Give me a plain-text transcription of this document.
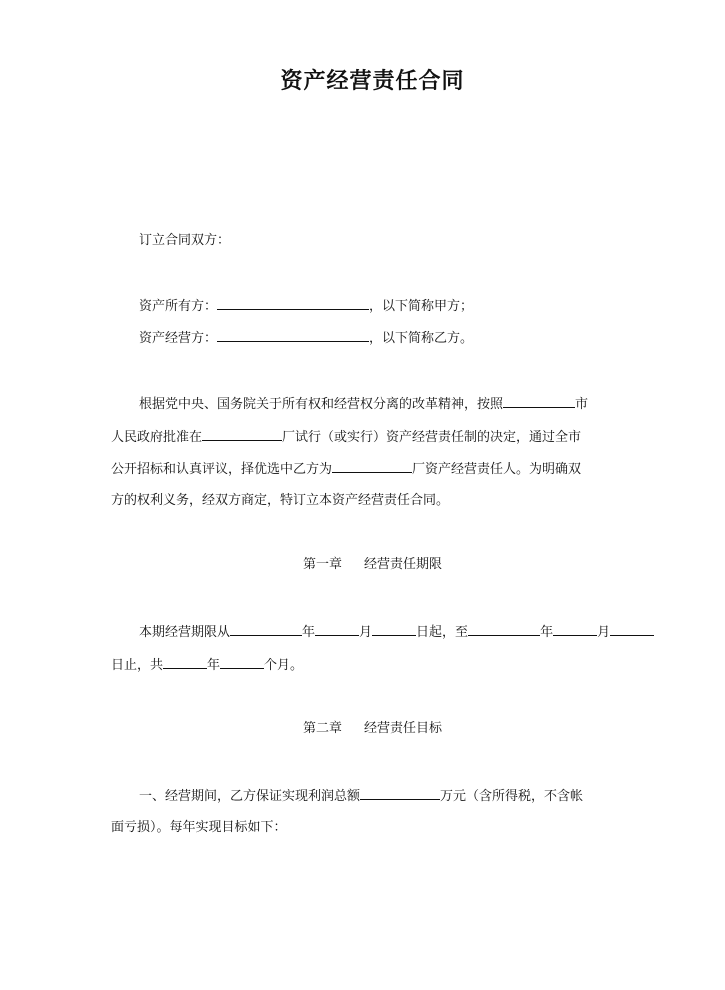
资产经营责任合同
订立合同双方：
资产所有方：	，以下简称甲方；
资产经营方：	，以下简称乙方。
根据党中央、国务院关于所有权和经营权分离的改革精神，按照	市
人民政府批准在	厂试行（或实行）资产经营责任制的决定，通过全市
公开招标和认真评议，择优选中乙方为	厂资产经营责任人。为明确双
方的权利义务，经双方商定，特订立本资产经营责任合同。
第一章 经营责任期限
本期经营期限从	年	月	日起，至	年	月
日止，共	年	个月。
第二章 经营责任目标
一、经营期间，乙方保证实现利润总额	万元（含所得税，不含帐
面亏损）。每年实现目标如下：
